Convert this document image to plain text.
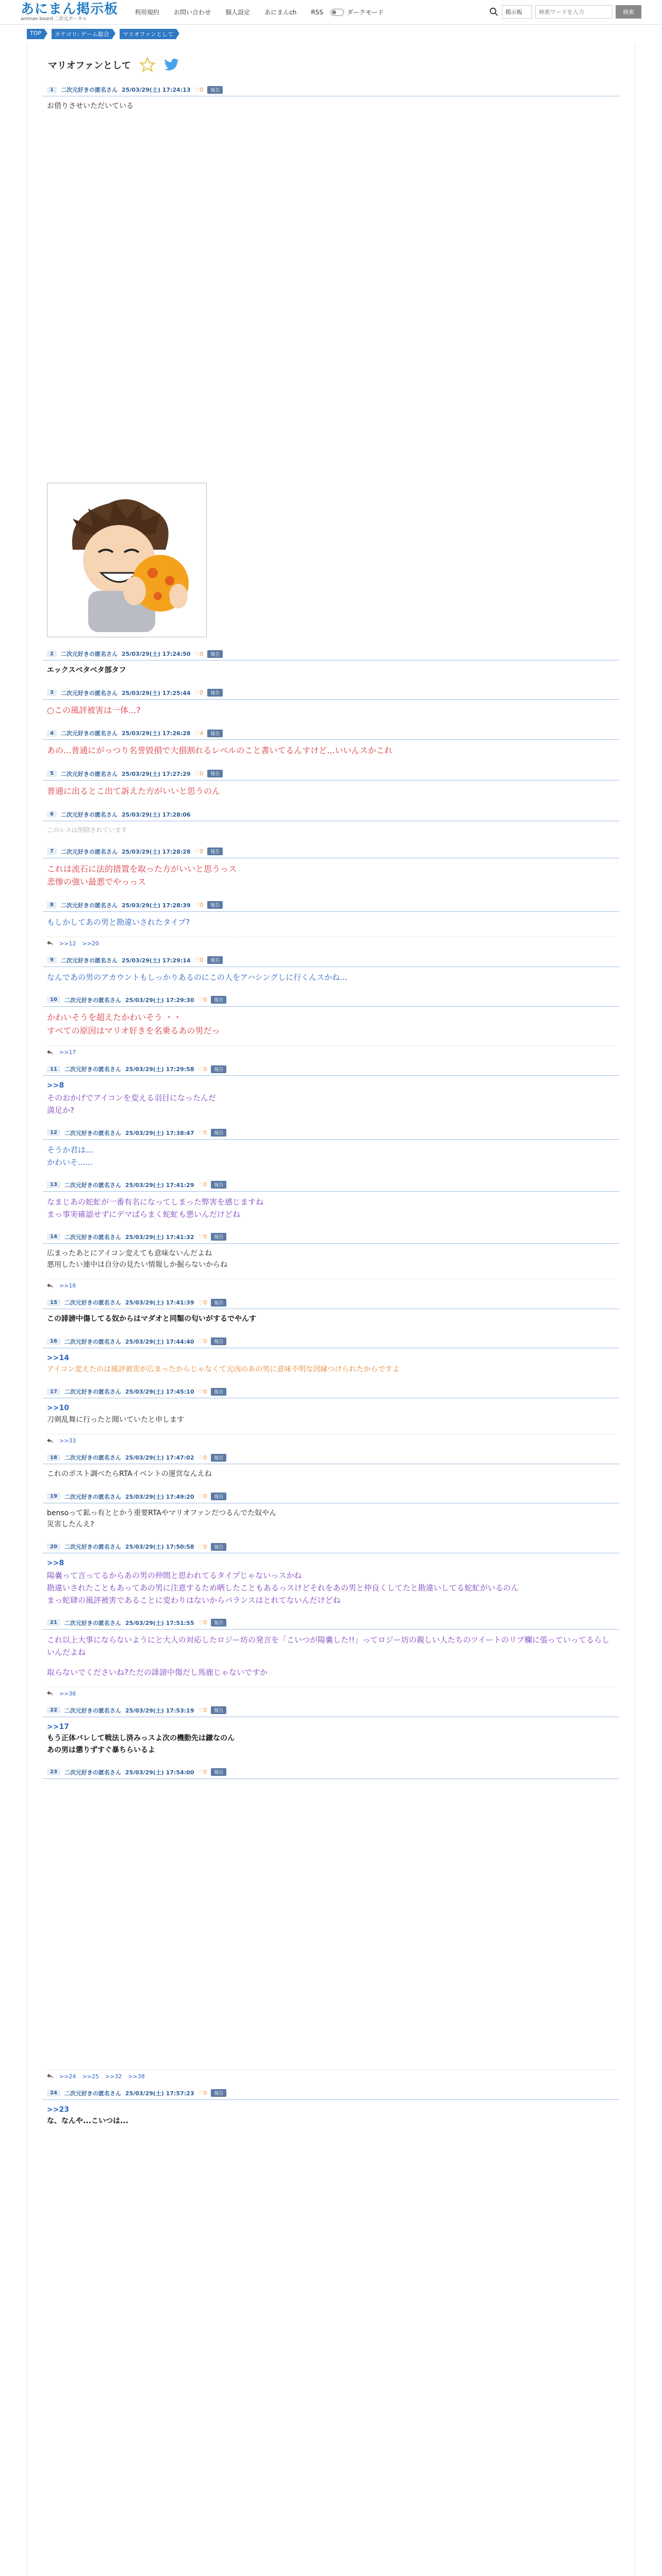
あにまん掲示板
animan board 二次元ポータル
利用規約	お問い合わせ	個人設定	あにまんch	RSS	ダークモード	掲示板
検索ワードを入力	検索
TOP	カテゴリ: ゲーム総合	マリオファンとして
マリオファンとして
1	二次元好きの匿名さん 25/03/29(土) 17:24:13 ♡0	報告
お借りさせいただいている
2	二次元好きの匿名さん 25/03/29(土) 17:24:50 ♡0	報告
エックスベタベタ部タフ
3	二次元好きの匿名さん 25/03/29(土) 17:25:44 ♡0	報告
○この風評被害は一体...?
4	二次元好きの匿名さん 25/03/29(土) 17:26:28 ♡4	報告
あの...普通にがっつり名誉毀損で大損割れるレベルのこと書いてるんすけど...いいんスかこれ
5	二次元好きの匿名さん 25/03/29(土) 17:27:29 ♡0	報告
普通に出るとこ出て訴えた方がいいと思うのん
6	二次元好きの匿名さん 25/03/29(土) 17:28:06
このレスは削除されています
7	二次元好きの匿名さん 25/03/29(土) 17:28:28 ♡0	報告
これは流石に法的措置を取った方がいいと思うっス
悲惨の強い最悪でやっっス
8	二次元好きの匿名さん 25/03/29(土) 17:28:39 ♡0	報告
もしかしてあの男と勘違いされたタイプ?
>>12 >>20
9	二次元好きの匿名さん 25/03/29(土) 17:29:14 ♡0	報告
なんであの男のアカウントもしっかりあるのにこの人をアハシングしに行くんスかね...
10	二次元好きの匿名さん 25/03/29(土) 17:29:30 ♡0	報告
かわいそうを超えたかわいそう ・・
すべての原因はマリオ好きを名乗るあの男だっ
>>17
11	二次元好きの匿名さん 25/03/29(土) 17:29:58 ♡0	報告
>>8
そのおかげでアイコンを変える羽目になったんだ
満足か?
12	二次元好きの匿名さん 25/03/29(土) 17:38:47 ♡0	報告
そうか君は...
かわいそ......
13	二次元好きの匿名さん 25/03/29(土) 17:41:29 ♡0	報告
なまじあの蛇虻が一番有名になってしまった弊害を感じますね
まっ事実確認せずにデマばらまく蛇虻も悪いんだけどね
14	二次元好きの匿名さん 25/03/29(土) 17:41:32 ♡0	報告
広まったあとにアイコン変えても意味ないんだよね
悪用したい連中は自分の見たい情報しか掘らないからね
>>16
15	二次元好きの匿名さん 25/03/29(土) 17:41:39 ♡0	報告
この誹謗中傷してる奴からはマダオと同類の匂いがするでやんす
16	二次元好きの匿名さん 25/03/29(土) 17:44:40 ♡0	報告
>>14
アイコン変えたのは風評被害が広まったからじゃなくて元凶のあの男に意味不明な因縁つけられたからですよ
17	二次元好きの匿名さん 25/03/29(土) 17:45:10 ♡0	報告
>>10
刀剣乱舞に行ったと聞いていたと申します
>>33
18	二次元好きの匿名さん 25/03/29(土) 17:47:02 ♡0	報告
これのポスト調べたらRTAイベントの運営なんえね
19	二次元好きの匿名さん 25/03/29(土) 17:49:20 ♡0	報告
bensoって鉱っ有ととかう重要RTAやマリオファンだつるんでた奴やん
災害したんえ?
20	二次元好きの匿名さん 25/03/29(土) 17:50:58 ♡0	報告
>>8
陽嚢って言ってるからあの男の仲間と思われてるタイプじゃないっスかね
勘違いされたこともあってあの男に注意するため晒したこともあるっスけどそれをあの男と仲良くしてたと勘違いしてる蛇虻がいるのん
まっ蛇肆の風評被害であることに変わりはないからバランスはとれてないんだけどね
21	二次元好きの匿名さん 25/03/29(土) 17:51:55 ♡0	報告
これ以上大事にならないようにと大人の対応したロジー坊の発言を「こいつが陽嚢した!!」ってロジー坊の親しい人たちのツイートのリプ欄に張っていってるらしいんだよね
取らないでくださいね?ただの誹謗中傷だし馬鹿じゃないですか
>>36
22	二次元好きの匿名さん 25/03/29(土) 17:53:19 ♡0	報告
>>17
もう正体バレして戦法し済みっスよ次の機動先は鎌なのん
あの男は懲りずすぐ暴ちらいるよ
23	二次元好きの匿名さん 25/03/29(土) 17:54:00 ♡0	報告
>>24 >>25 >>32 >>38
24	二次元好きの匿名さん 25/03/29(土) 17:57:23 ♡0	報告
>>23
な、なんや...こいつは...
